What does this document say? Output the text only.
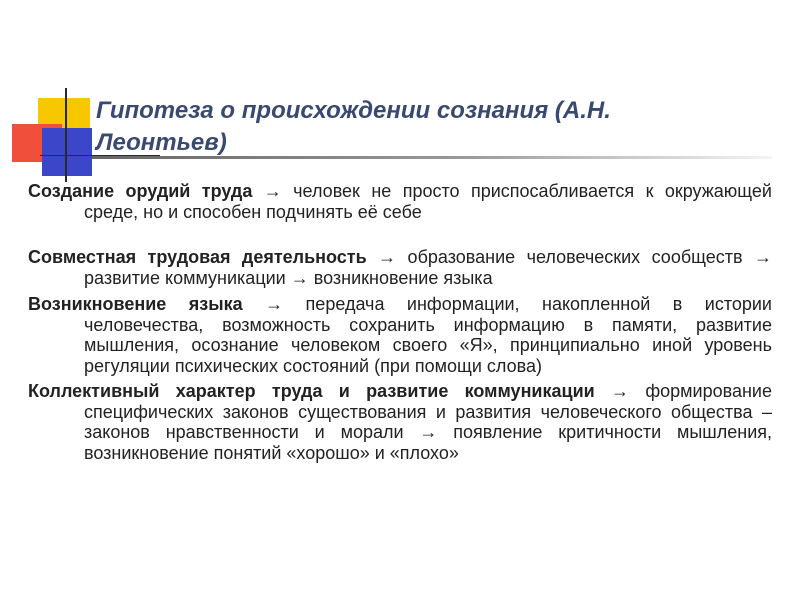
Гипотеза о происхождении сознания (А.Н. Леонтьев)

Создание орудий труда → человек не просто приспосабливается к окружающей среде, но и способен подчинять её себе

Совместная трудовая деятельность → образование человеческих сообществ → развитие коммуникации → возникновение языка

Возникновение языка → передача информации, накопленной в истории человечества, возможность сохранить информацию в памяти, развитие мышления, осознание человеком своего «Я», принципиально иной уровень регуляции психических состояний (при помощи слова)

Коллективный характер труда и развитие коммуникации → формирование специфических законов существования и развития человеческого общества – законов нравственности и морали → появление критичности мышления, возникновение понятий «хорошо» и «плохо»
